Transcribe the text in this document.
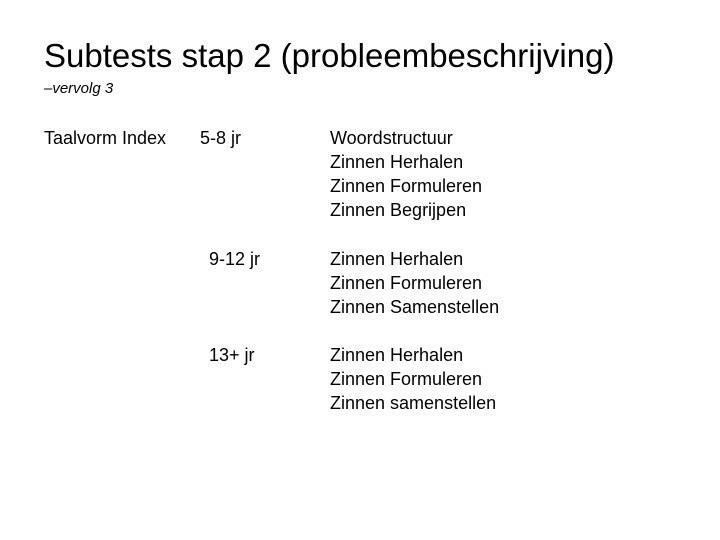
Subtests stap 2 (probleembeschrijving)
–vervolg 3
Taalvorm Index 5-8 jr	Woordstructuur
Zinnen Herhalen
Zinnen Formuleren
Zinnen Begrijpen
9-12 jr	Zinnen Herhalen
Zinnen Formuleren
Zinnen Samenstellen
13+ jr	Zinnen Herhalen
Zinnen Formuleren
Zinnen samenstellen
